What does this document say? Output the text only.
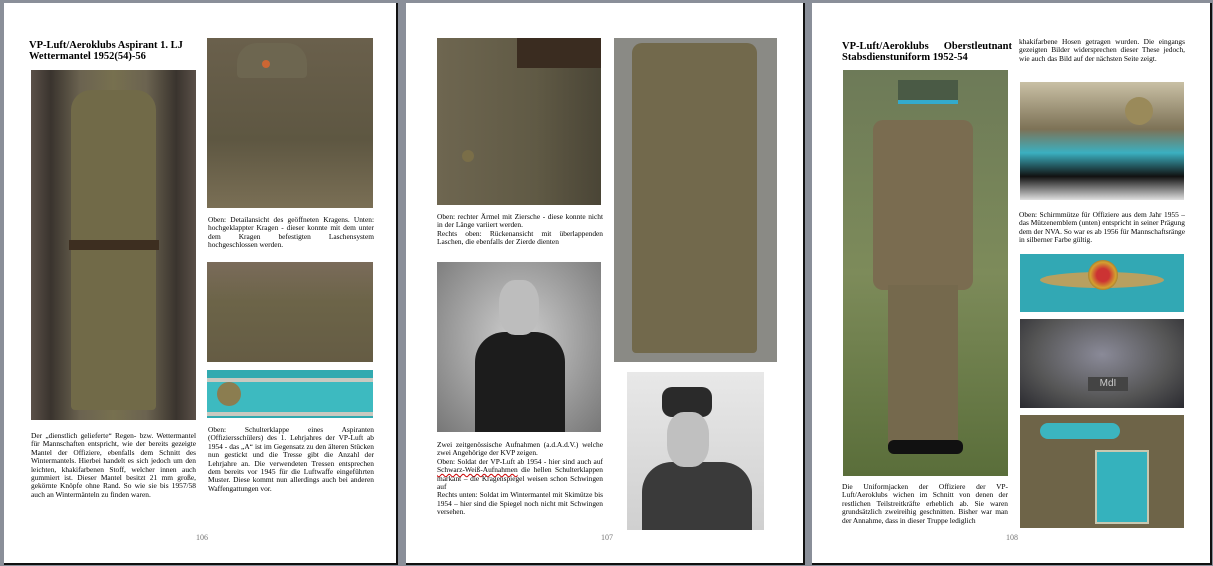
VP-Luft/Aeroklubs Aspirant 1. LJ
Wettermantel 1952(54)-56
Oben: Detailansicht des geöffneten Kragens. Unten: hochgeklappter Kragen - dieser konnte mit dem unter dem Kragen befestigten Laschensystem hochgeschlossen werden.
Oben: Schulterklappe eines Aspiranten (Offiziersschülers) des 1. Lehrjahres der VP-Luft ab 1954 - das „A“ ist im Gegensatz zu den älteren Stücken nun gestickt und die Tresse gibt die Anzahl der Lehrjahre an. Die verwendeten Tressen entsprechen dem bereits vor 1945 für die Luftwaffe eingeführten Muster. Diese kommt nun allerdings auch bei anderen Waffengattungen vor.
Der „dienstlich gelieferte“ Regen- bzw. Wettermantel für Mannschaften entspricht, wie der bereits gezeigte Mantel der Offiziere, ebenfalls dem Schnitt des Wintermantels. Hierbei handelt es sich jedoch um den leichten, khakifarbenen Stoff, welcher innen auch gummiert ist. Dieser Mantel besitzt 21 mm große, gekörnte Knöpfe ohne Rand. So wie sie bis 1957/58 auch an Wintermänteln zu finden waren.
106
Oben: rechter Ärmel mit Ziersche - diese konnte nicht in der Länge variiert werden.
Rechts oben: Rückenansicht mit überlappenden Laschen, die ebenfalls der Zierde dienten
Zwei zeitgenössische Aufnahmen (a.d.A.d.V.) welche zwei Angehörige der KVP zeigen.
Oben: Soldat der VP-Luft ab 1954 - hier sind auch auf Schwarz-Weiß-Aufnahmen die hellen Schulterklappen markant – die Kragenspiegel weisen schon Schwingen auf
Rechts unten: Soldat im Wintermantel mit Skimütze bis 1954 – hier sind die Spiegel noch nicht mit Schwingen versehen.
107
VP-Luft/Aeroklubs Oberstleutnant
Stabsdienstuniform 1952-54
khakifarbene Hosen getragen wurden. Die eingangs gezeigten Bilder widersprechen dieser These jedoch, wie auch das Bild auf der nächsten Seite zeigt.
Oben: Schirmmütze für Offiziere aus dem Jahr 1955 – das Mützenemblem (unten) entspricht in seiner Prägung dem der NVA. So war es ab 1956 für Mannschaftsränge in silberner Farbe gültig.
MdI
Die Uniformjacken der Offiziere der VP-Luft/Aeroklubs wichen im Schnitt von denen der restlichen Teilstreitkräfte erheblich ab. Sie waren grundsätzlich zweireihig geschnitten. Bisher war man der Annahme, dass in dieser Truppe lediglich
108
